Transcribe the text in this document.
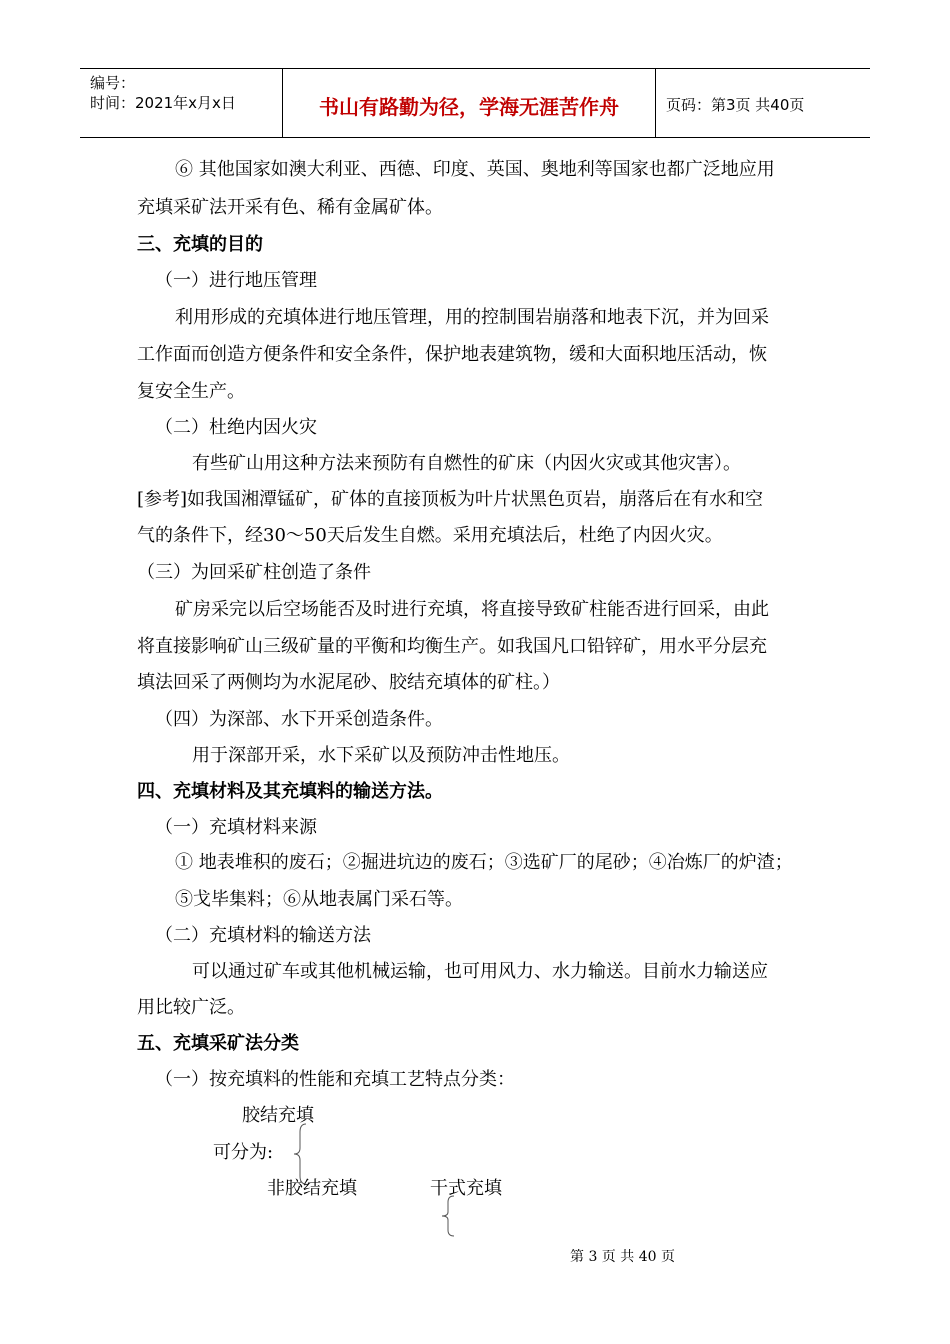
编号：
时间：2021年x月x日	书山有路勤为径，学海无涯苦作舟	页码：第3页 共40页
⑥ 其他国家如澳大利亚、西德、印度、英国、奥地利等国家也都广泛地应用
充填采矿法开采有色、稀有金属矿体。
三、充填的目的
（一）进行地压管理
利用形成的充填体进行地压管理，用的控制围岩崩落和地表下沉，并为回采
工作面而创造方便条件和安全条件，保护地表建筑物，缓和大面积地压活动，恢
复安全生产。
（二）杜绝内因火灾
有些矿山用这种方法来预防有自燃性的矿床（内因火灾或其他灾害）。
[参考]如我国湘潭锰矿，矿体的直接顶板为叶片状黑色页岩，崩落后在有水和空
气的条件下，经30～50天后发生自燃。采用充填法后，杜绝了内因火灾。
（三）为回采矿柱创造了条件
矿房采完以后空场能否及时进行充填，将直接导致矿柱能否进行回采，由此
将直接影响矿山三级矿量的平衡和均衡生产。如我国凡口铅锌矿，用水平分层充
填法回采了两侧均为水泥尾砂、胶结充填体的矿柱。）
（四）为深部、水下开采创造条件。
用于深部开采，水下采矿以及预防冲击性地压。
四、充填材料及其充填料的输送方法。
（一）充填材料来源
① 地表堆积的废石；②掘进坑边的废石；③选矿厂的尾砂；④冶炼厂的炉渣；
⑤戈毕集料；⑥从地表属门采石等。
（二）充填材料的输送方法
可以通过矿车或其他机械运输，也可用风力、水力输送。目前水力输送应
用比较广泛。
五、充填采矿法分类
（一）按充填料的性能和充填工艺特点分类：
胶结充填
可分为:
非胶结充填	干式充填
第 3 页 共 40 页
